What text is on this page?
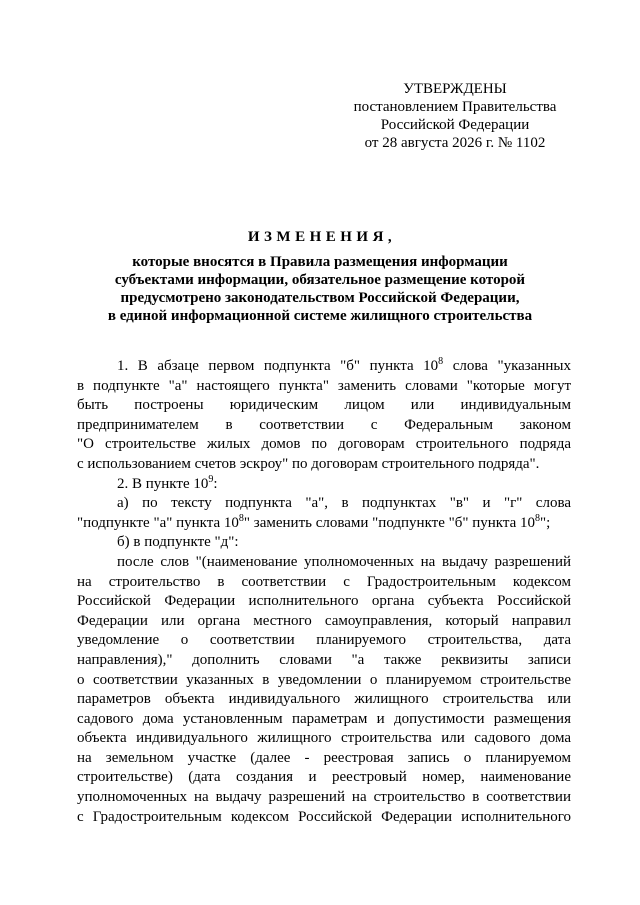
УТВЕРЖДЕНЫ
постановлением Правительства
Российской Федерации
от 28 августа 2026 г. № 1102
ИЗМЕНЕНИЯ,
которые вносятся в Правила размещения информации
субъектами информации, обязательное размещение которой
предусмотрено законодательством Российской Федерации,
в единой информационной системе жилищного строительства
1. В абзаце первом подпункта "б" пункта $10^8$ слова "указанных
в подпункте "а" настоящего пункта" заменить словами "которые могут
быть построены юридическим лицом или индивидуальным
предпринимателем в соответствии с Федеральным законом
"О строительстве жилых домов по договорам строительного подряда
с использованием счетов эскроу" по договорам строительного подряда".
2. В пункте $10^9$:
а) по тексту подпункта "а", в подпунктах "в" и "г" слова
"подпункте "а" пункта $10^8$" заменить словами "подпункте "б" пункта $10^8$";
б) в подпункте "д":
после слов "(наименование уполномоченных на выдачу разрешений
на строительство в соответствии с Градостроительным кодексом
Российской Федерации исполнительного органа субъекта Российской
Федерации или органа местного самоуправления, который направил
уведомление о соответствии планируемого строительства, дата
направления)," дополнить словами "а также реквизиты записи
о соответствии указанных в уведомлении о планируемом строительстве
параметров объекта индивидуального жилищного строительства или
садового дома установленным параметрам и допустимости размещения
объекта индивидуального жилищного строительства или садового дома
на земельном участке (далее - реестровая запись о планируемом
строительстве) (дата создания и реестровый номер, наименование
уполномоченных на выдачу разрешений на строительство в соответствии
с Градостроительным кодексом Российской Федерации исполнительного
